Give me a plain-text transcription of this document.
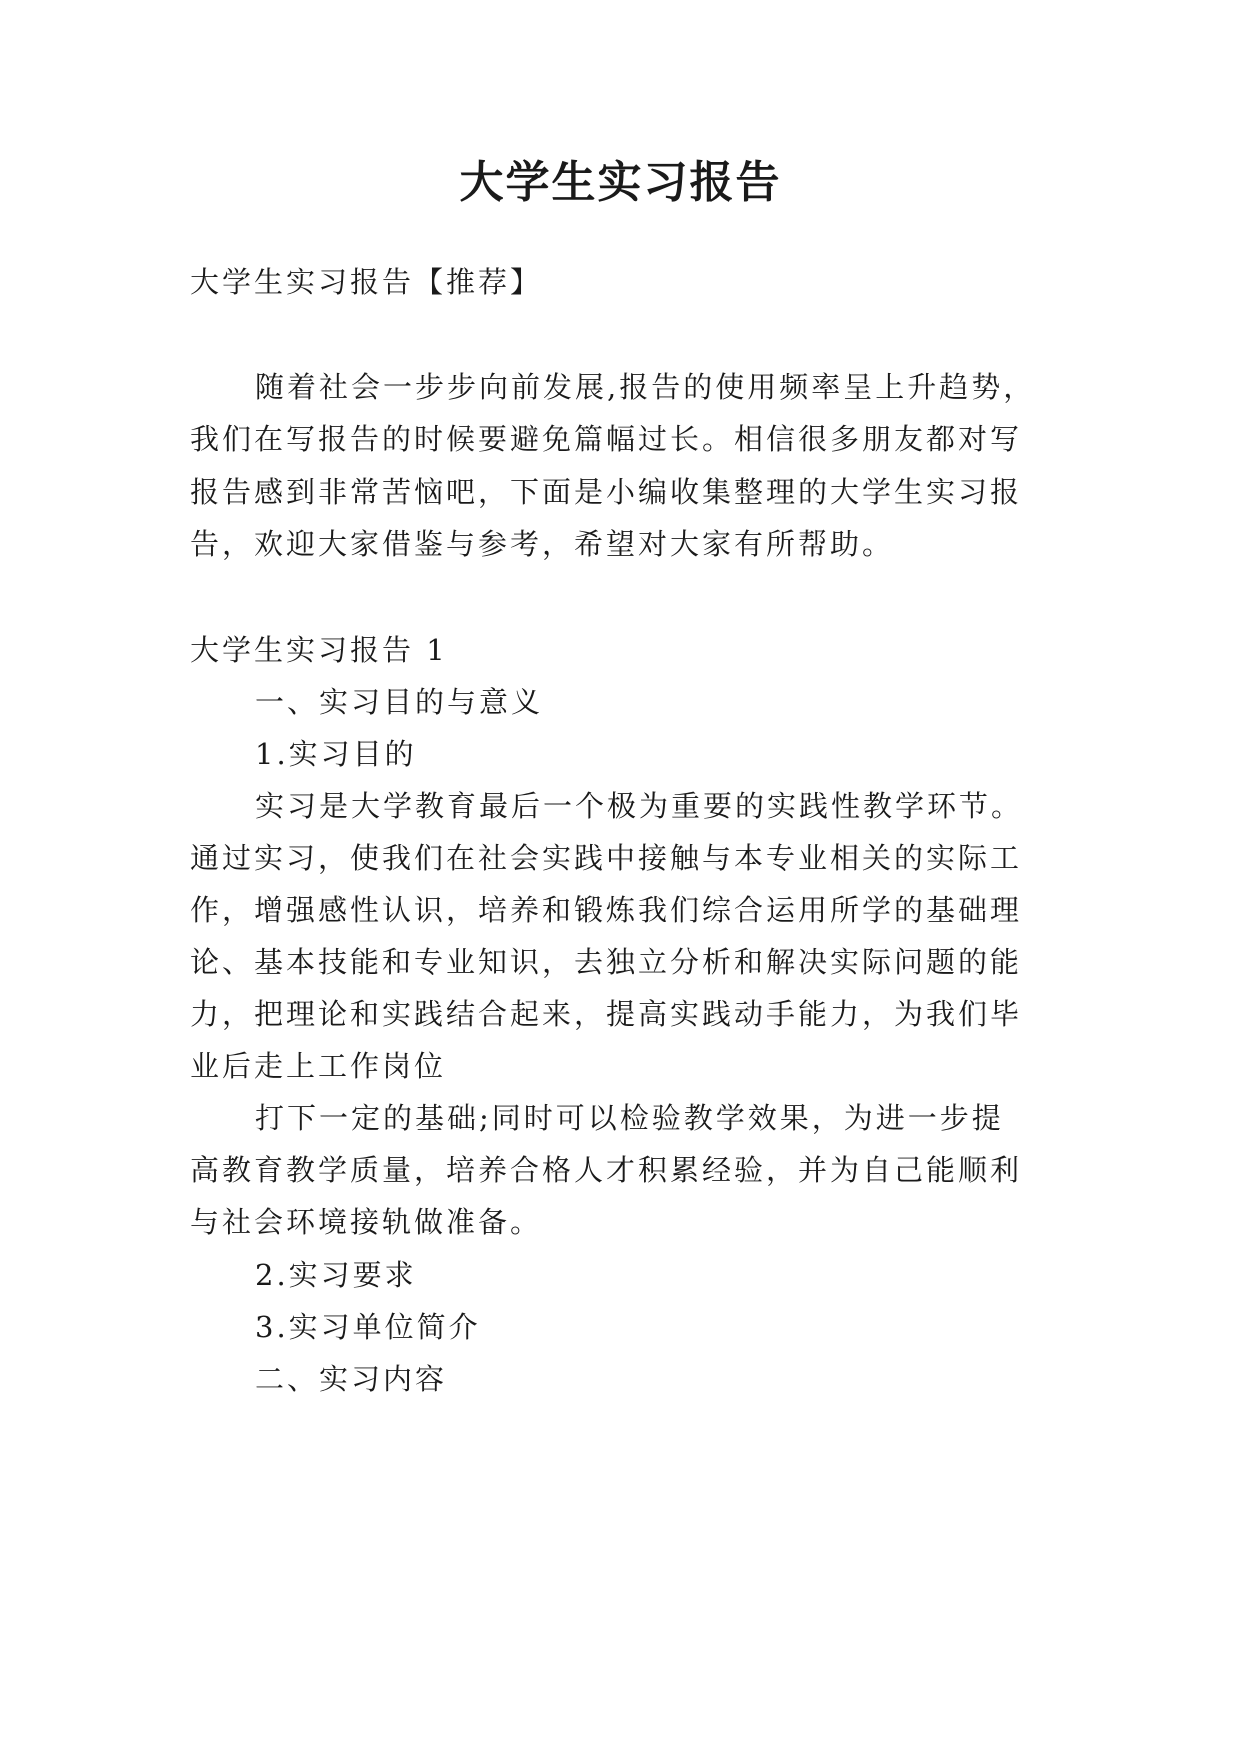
大学生实习报告
大学生实习报告【推荐】
随着社会一步步向前发展,报告的使用频率呈上升趋势，
我们在写报告的时候要避免篇幅过长。相信很多朋友都对写
报告感到非常苦恼吧，下面是小编收集整理的大学生实习报
告，欢迎大家借鉴与参考，希望对大家有所帮助。
大学生实习报告 1
一、实习目的与意义
1.实习目的
实习是大学教育最后一个极为重要的实践性教学环节。
通过实习，使我们在社会实践中接触与本专业相关的实际工
作，增强感性认识，培养和锻炼我们综合运用所学的基础理
论、基本技能和专业知识，去独立分析和解决实际问题的能
力，把理论和实践结合起来，提高实践动手能力，为我们毕
业后走上工作岗位
打下一定的基础;同时可以检验教学效果，为进一步提
高教育教学质量，培养合格人才积累经验，并为自己能顺利
与社会环境接轨做准备。
2.实习要求
3.实习单位简介
二、实习内容
